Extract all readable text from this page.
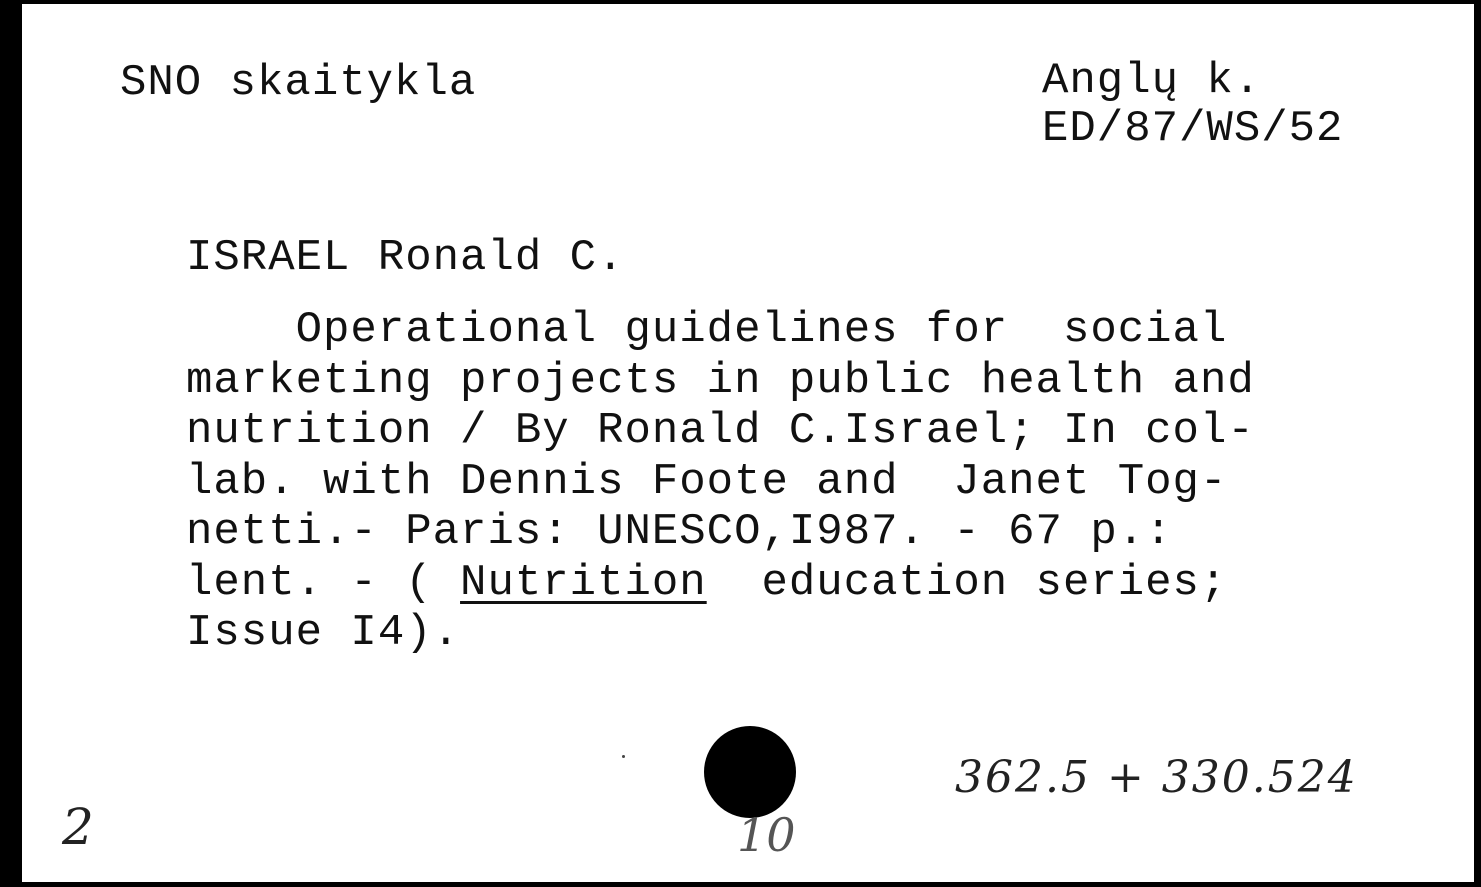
SNO skaitykla	Anglų k.
ED/87/WS/52
ISRAEL Ronald C.
Operational guidelines for  social
marketing projects in public health and
nutrition / By Ronald C.Israel; In col-
lab. with Dennis Foote and  Janet Tog-
netti.- Paris: UNESCO,I987. - 67 p.:
lent. - ( Nutrition  education series;
Issue I4).
2
362.5 + 330.524
10
